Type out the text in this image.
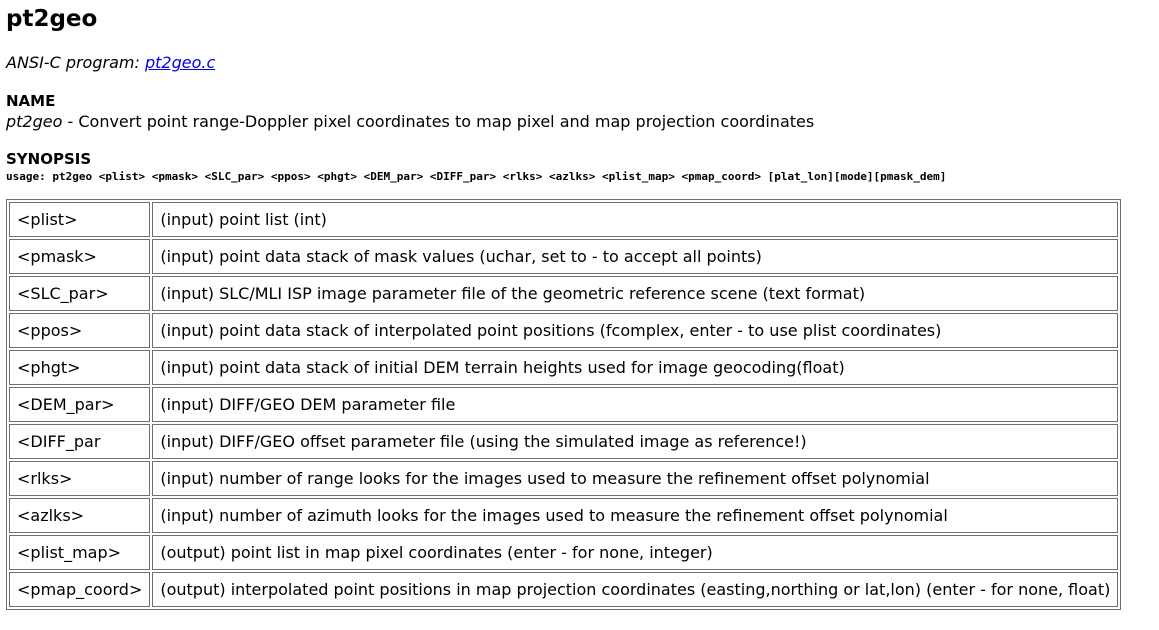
pt2geo

ANSI-C program: pt2geo.c

NAME

pt2geo - Convert point range-Doppler pixel coordinates to map pixel and map projection coordinates

SYNOPSIS
usage: pt2geo <plist> <pmask> <SLC_par> <ppos> <phgt> <DEM_par> <DIFF_par> <rlks> <azlks> <plist_map> <pmap_coord> [plat_lon][mode][pmask_dem]
<plist>	(input) point list (int)
<pmask>	(input) point data stack of mask values (uchar, set to - to accept all points)
<SLC_par>	(input) SLC/MLI ISP image parameter file of the geometric reference scene (text format)
<ppos>	(input) point data stack of interpolated point positions (fcomplex, enter - to use plist coordinates)
<phgt>	(input) point data stack of initial DEM terrain heights used for image geocoding(float)
<DEM_par>	(input) DIFF/GEO DEM parameter file
<DIFF_par	(input) DIFF/GEO offset parameter file (using the simulated image as reference!)
<rlks>	(input) number of range looks for the images used to measure the refinement offset polynomial
<azlks>	(input) number of azimuth looks for the images used to measure the refinement offset polynomial
<plist_map>	(output) point list in map pixel coordinates (enter - for none, integer)
<pmap_coord>	(output) interpolated point positions in map projection coordinates (easting,northing or lat,lon) (enter - for none, float)
